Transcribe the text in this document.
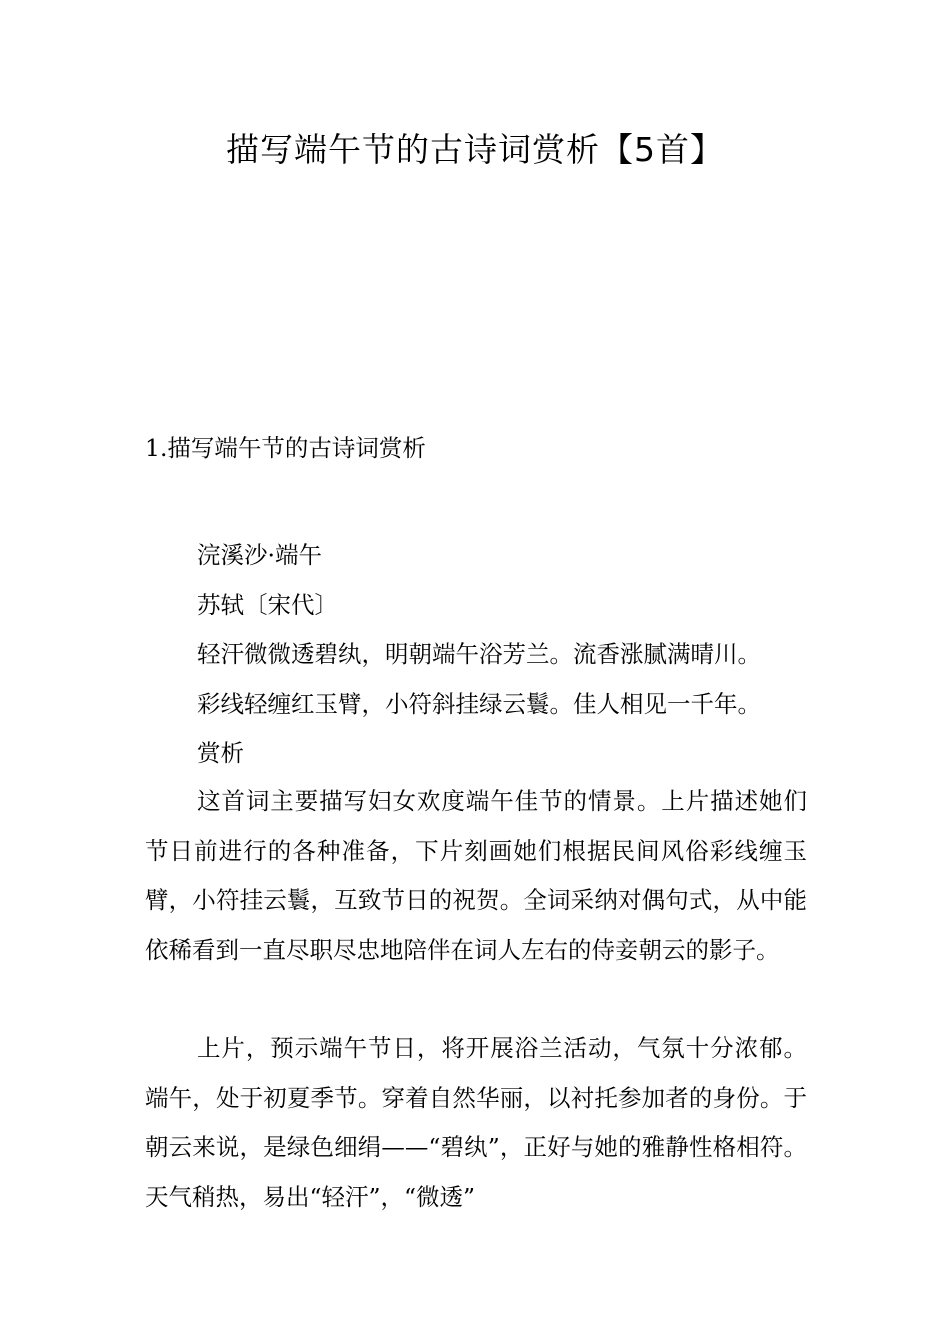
描写端午节的古诗词赏析【5首】
1.描写端午节的古诗词赏析
浣溪沙·端午
苏轼〔宋代〕
轻汗微微透碧纨，明朝端午浴芳兰。流香涨腻满晴川。
彩线轻缠红玉臂，小符斜挂绿云鬟。佳人相见一千年。
赏析

这首词主要描写妇女欢度端午佳节的情景。上片描述她们节日前进行的各种准备，下片刻画她们根据民间风俗彩线缠玉臂，小符挂云鬟，互致节日的祝贺。全词采纳对偶句式，从中能依稀看到一直尽职尽忠地陪伴在词人左右的侍妾朝云的影子。

上片，预示端午节日，将开展浴兰活动，气氛十分浓郁。端午，处于初夏季节。穿着自然华丽，以衬托参加者的身份。于朝云来说，是绿色细绢——“碧纨”，正好与她的雅静性格相符。天气稍热，易出“轻汗”，“微透”
